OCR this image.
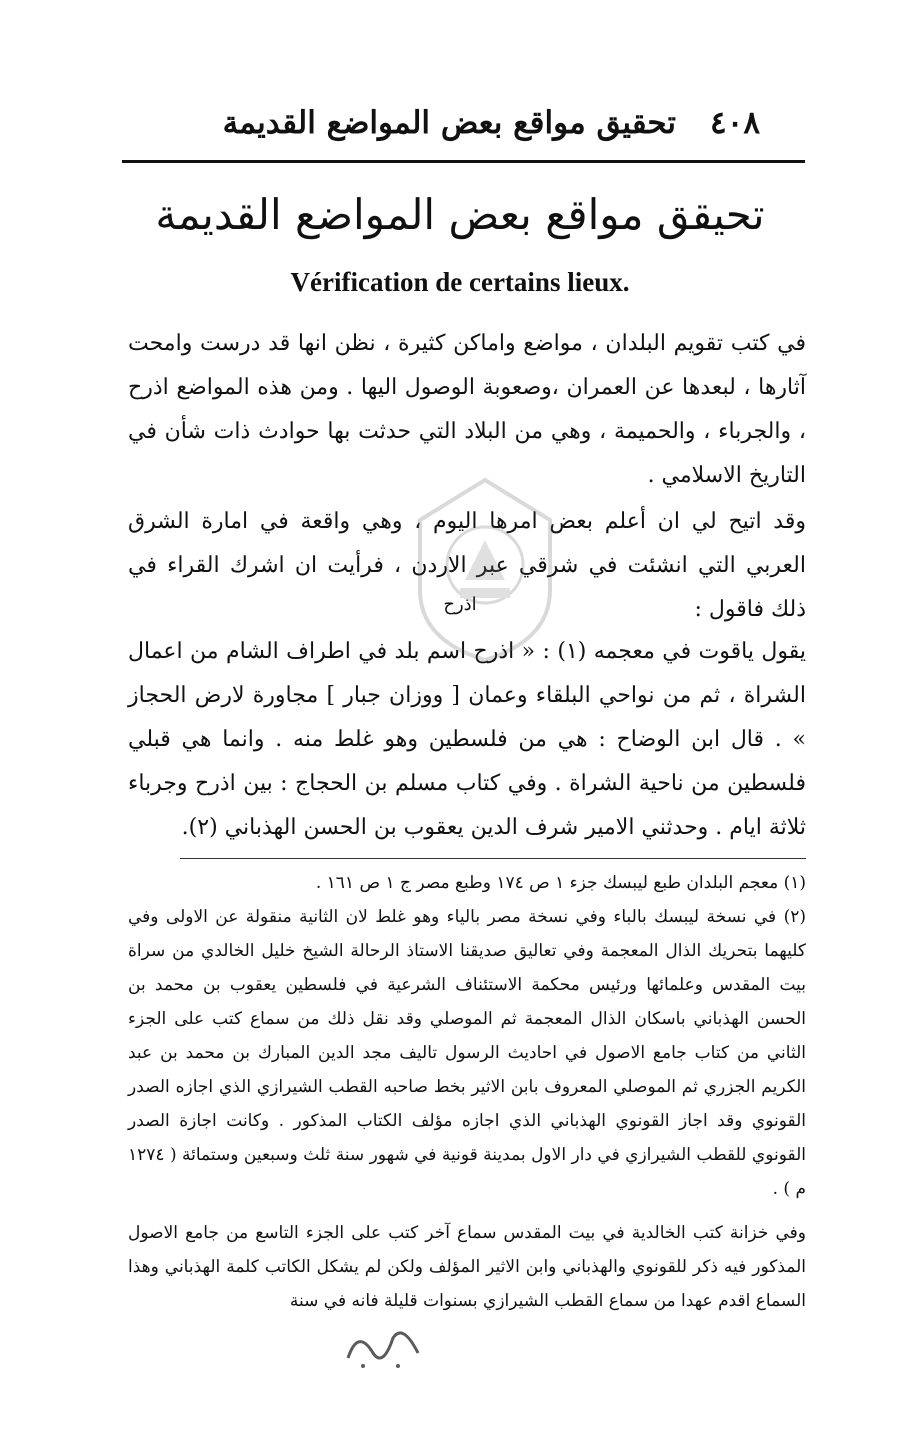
٤٠٨
تحقيق مواقع بعض المواضع القديمة
تحيقق مواقع بعض المواضع القديمة
Vérification de certains lieux.

في كتب تقويم البلدان ، مواضع واماكن كثيرة ، نظن انها قد درست وامحت آثارها ، لبعدها عن العمران ،وصعوبة الوصول اليها . ومن هذه المواضع اذرح ، والجرباء ، والحميمة ، وهي من البلاد التي حدثت بها حوادث ذات شأن في التاريخ الاسلامي .

وقد اتيح لي ان أعلم بعض امرها اليوم ، وهي واقعة في امارة الشرق العربي التي انشئت في شرقي عبر الاردن ، فرأيت ان اشرك القراء في ذلك فاقول :

اذرح

يقول ياقوت في معجمه (١) : « اذرح اسم بلد في اطراف الشام من اعمال الشراة ، ثم من نواحي البلقاء وعمان [ ووزان جبار ] مجاورة لارض الحجاز » . قال ابن الوضاح : هي من فلسطين وهو غلط منه . وانما هي قبلي فلسطين من ناحية الشراة . وفي كتاب مسلم بن الحجاج : بين اذرح وجرباء ثلاثة ايام . وحدثني الامير شرف الدين يعقوب بن الحسن الهذباني (٢).

(١) معجم البلدان طبع ليبسك جزء ١ ص ١٧٤ وطبع مصر ج ١ ص ١٦١ .

(٢) في نسخة ليبسك بالباء وفي نسخة مصر بالياء وهو غلط لان الثانية منقولة عن الاولى وفي كليهما بتحريك الذال المعجمة وفي تعاليق صديقنا الاستاذ الرحالة الشيخ خليل الخالدي من سراة بيت المقدس وعلمائها ورئيس محكمة الاستئناف الشرعية في فلسطين يعقوب بن محمد بن الحسن الهذباني باسكان الذال المعجمة ثم الموصلي وقد نقل ذلك من سماع كتب على الجزء الثاني من كتاب جامع الاصول في احاديث الرسول تاليف مجد الدين المبارك بن محمد بن عبد الكريم الجزري ثم الموصلي المعروف بابن الاثير بخط صاحبه القطب الشيرازي الذي اجازه الصدر القونوي وقد اجاز القونوي الهذباني الذي اجازه مؤلف الكتاب المذكور . وكانت اجازة الصدر القونوي للقطب الشيرازي في دار الاول بمدينة قونية في شهور سنة ثلث وسبعين وستمائة ( ١٢٧٤ م ) .

وفي خزانة كتب الخالدية في بيت المقدس سماع آخر كتب على الجزء التاسع من جامع الاصول المذكور فيه ذكر للقونوي والهذباني وابن الاثير المؤلف ولكن لم يشكل الكاتب كلمة الهذباني وهذا السماع اقدم عهدا من سماع القطب الشيرازي بسنوات قليلة فانه في سنة
